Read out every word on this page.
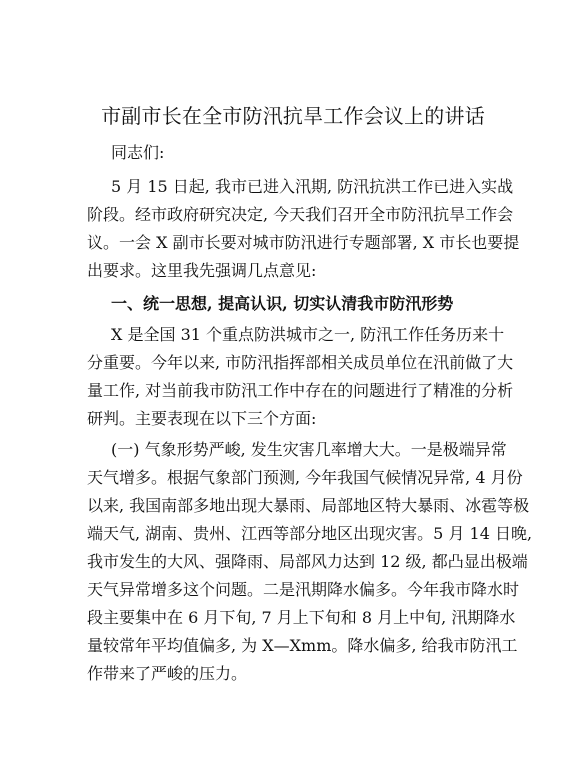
市副市长在全市防汛抗旱工作会议上的讲话

同志们:

5 月 15 日起, 我市已进入汛期, 防汛抗洪工作已进入实战

阶段。经市政府研究决定, 今天我们召开全市防汛抗旱工作会

议。一会 X 副市长要对城市防汛进行专题部署, X 市长也要提

出要求。这里我先强调几点意见:

一、统一思想, 提高认识, 切实认清我市防汛形势

X 是全国 31 个重点防洪城市之一, 防汛工作任务历来十

分重要。今年以来, 市防汛指挥部相关成员单位在汛前做了大

量工作, 对当前我市防汛工作中存在的问题进行了精准的分析

研判。主要表现在以下三个方面:

(一) 气象形势严峻, 发生灾害几率增大大。一是极端异常

天气增多。根据气象部门预测, 今年我国气候情况异常, 4 月份

以来, 我国南部多地出现大暴雨、局部地区特大暴雨、冰雹等极

端天气, 湖南、贵州、江西等部分地区出现灾害。5 月 14 日晚,

我市发生的大风、强降雨、局部风力达到 12 级, 都凸显出极端

天气异常增多这个问题。二是汛期降水偏多。今年我市降水时

段主要集中在 6 月下旬, 7 月上下旬和 8 月上中旬, 汛期降水

量较常年平均值偏多, 为 X—Xmm。降水偏多, 给我市防汛工

作带来了严峻的压力。
